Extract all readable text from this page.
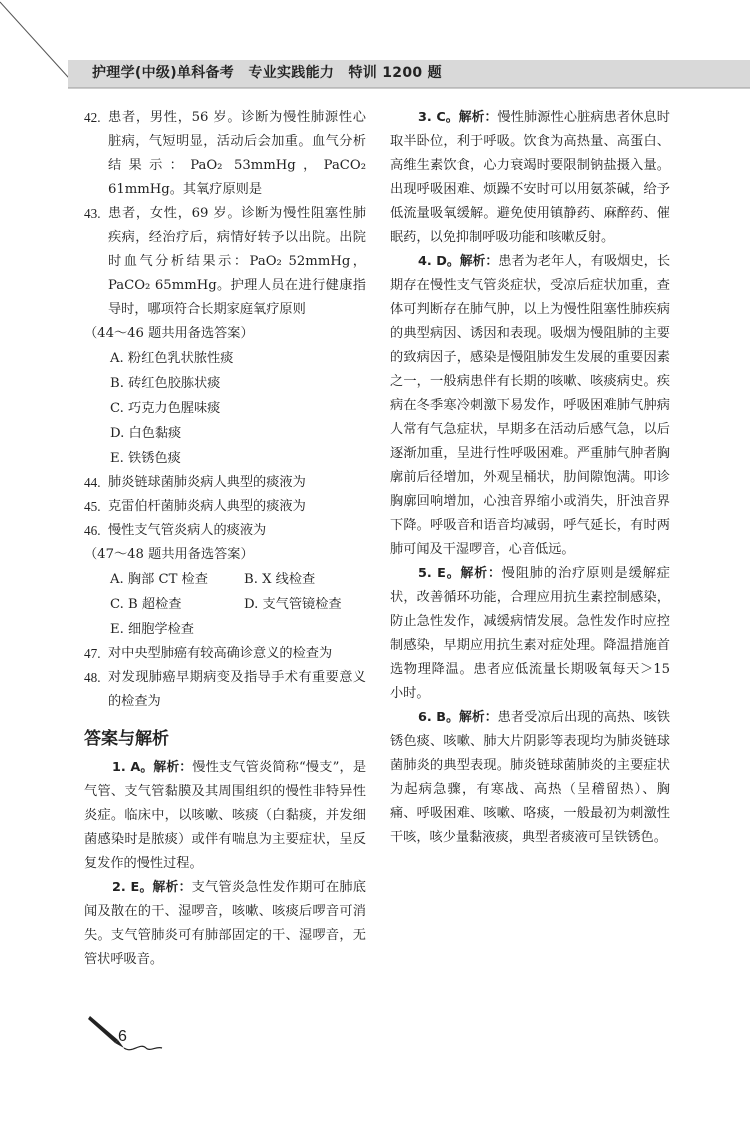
护理学(中级)单科备考　专业实践能力　特训 1200 题

42. 患者，男性，56 岁。诊断为慢性肺源性心脏病，气短明显，活动后会加重。血气分析结果示：PaO₂ 53mmHg，PaCO₂ 61mmHg。其氧疗原则是

43. 患者，女性，69 岁。诊断为慢性阻塞性肺疾病，经治疗后，病情好转予以出院。出院时血气分析结果示：PaO₂ 52mmHg，PaCO₂ 65mmHg。护理人员在进行健康指导时，哪项符合长期家庭氧疗原则

（44～46 题共用备选答案）

A. 粉红色乳状脓性痰

B. 砖红色胶胨状痰

C. 巧克力色腥味痰

D. 白色黏痰

E. 铁锈色痰

44. 肺炎链球菌肺炎病人典型的痰液为

45. 克雷伯杆菌肺炎病人典型的痰液为

46. 慢性支气管炎病人的痰液为

（47～48 题共用备选答案）

A. 胸部 CT 检查	B. X 线检查
C. B 超检查	D. 支气管镜检查

E. 细胞学检查

47. 对中央型肺癌有较高确诊意义的检查为

48. 对发现肺癌早期病变及指导手术有重要意义的检查为

答案与解析

1. A。解析：慢性支气管炎简称“慢支”，是气管、支气管黏膜及其周围组织的慢性非特异性炎症。临床中，以咳嗽、咳痰（白黏痰，并发细菌感染时是脓痰）或伴有喘息为主要症状，呈反复发作的慢性过程。

2. E。解析：支气管炎急性发作期可在肺底闻及散在的干、湿啰音，咳嗽、咳痰后啰音可消失。支气管肺炎可有肺部固定的干、湿啰音，无管状呼吸音。

3. C。解析：慢性肺源性心脏病患者休息时取半卧位，利于呼吸。饮食为高热量、高蛋白、高维生素饮食，心力衰竭时要限制钠盐摄入量。出现呼吸困难、烦躁不安时可以用氨茶碱，给予低流量吸氧缓解。避免使用镇静药、麻醉药、催眠药，以免抑制呼吸功能和咳嗽反射。

4. D。解析：患者为老年人，有吸烟史，长期存在慢性支气管炎症状，受凉后症状加重，查体可判断存在肺气肿，以上为慢性阻塞性肺疾病的典型病因、诱因和表现。吸烟为慢阻肺的主要的致病因子，感染是慢阻肺发生发展的重要因素之一，一般病患伴有长期的咳嗽、咳痰病史。疾病在冬季寒冷刺激下易发作，呼吸困难肺气肿病人常有气急症状，早期多在活动后感气急，以后逐渐加重，呈进行性呼吸困难。严重肺气肿者胸廓前后径增加，外观呈桶状，肋间隙饱满。叩诊胸廓回响增加，心浊音界缩小或消失，肝浊音界下降。呼吸音和语音均减弱，呼气延长，有时两肺可闻及干湿啰音，心音低远。

5. E。解析：慢阻肺的治疗原则是缓解症状，改善循环功能，合理应用抗生素控制感染，防止急性发作，减缓病情发展。急性发作时应控制感染，早期应用抗生素对症处理。降温措施首选物理降温。患者应低流量长期吸氧每天＞15 小时。

6. B。解析：患者受凉后出现的高热、咳铁锈色痰、咳嗽、肺大片阴影等表现均为肺炎链球菌肺炎的典型表现。肺炎链球菌肺炎的主要症状为起病急骤，有寒战、高热（呈稽留热）、胸痛、呼吸困难、咳嗽、咯痰，一般最初为刺激性干咳，咳少量黏液痰，典型者痰液可呈铁锈色。

6
